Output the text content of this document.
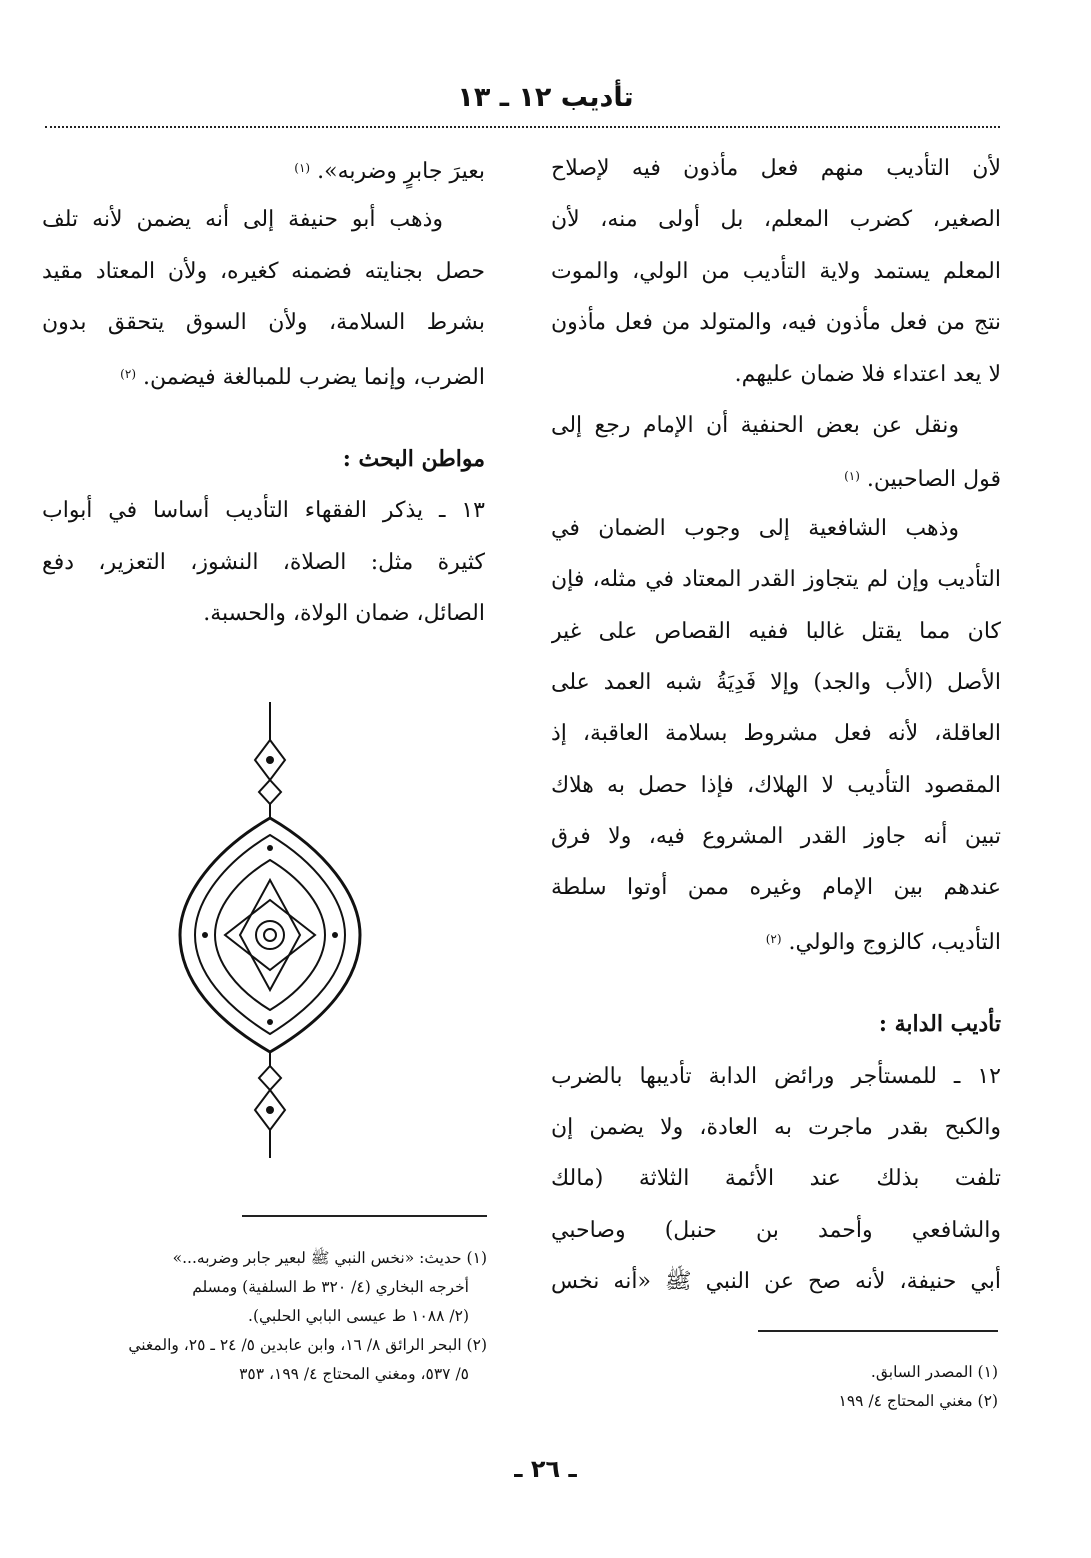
تأديب ١٢ ـ ١٣

لأن التأديب منهم فعل مأذون فيه لإصلاح

الصغير، كضرب المعلم، بل أولى منه، لأن

المعلم يستمد ولاية التأديب من الولي، والموت

نتج من فعل مأذون فيه، والمتولد من فعل مأذون

لا يعد اعتداء فلا ضمان عليهم.

ونقل عن بعض الحنفية أن الإمام رجع إلى

قول الصاحبين. $^{(١)}$

وذهب الشافعية إلى وجوب الضمان في

التأديب وإن لم يتجاوز القدر المعتاد في مثله، فإن

كان مما يقتل غالبا ففيه القصاص على غير

الأصل (الأب والجد) وإلا فَدِيَةُ شبه العمد على

العاقلة، لأنه فعل مشروط بسلامة العاقبة، إذ

المقصود التأديب لا الهلاك، فإذا حصل به هلاك

تبين أنه جاوز القدر المشروع فيه، ولا فرق

عندهم بين الإمام وغيره ممن أوتوا سلطة

التأديب، كالزوج والولي. $^{(٢)}$

تأديب الدابة :

١٢ ـ للمستأجر ورائض الدابة تأديبها بالضرب

والكبح بقدر ماجرت به العادة، ولا يضمن إن

تلفت بذلك عند الأئمة الثلاثة (مالك

والشافعي وأحمد بن حنبل) وصاحبي

أبي حنيفة، لأنه صح عن النبي ﷺ «أنه نخس

بعيرَ جابرٍ وضربه». $^{(١)}$

وذهب أبو حنيفة إلى أنه يضمن لأنه تلف

حصل بجنايته فضمنه كغيره، ولأن المعتاد مقيد

بشرط السلامة، ولأن السوق يتحقق بدون

الضرب، وإنما يضرب للمبالغة فيضمن. $^{(٢)}$

مواطن البحث :

١٣ ـ يذكر الفقهاء التأديب أساسا في أبواب

كثيرة مثل: الصلاة، النشوز، التعزير، دفع

الصائل، ضمان الولاة، والحسبة.

(١) حديث: «نخس النبي ﷺ لبعير جابر وضربه...»

أخرجه البخاري (٤/ ٣٢٠ ط السلفية) ومسلم

(٢/ ١٠٨٨ ط عيسى البابي الحلبي).

(٢) البحر الرائق ٨/ ١٦، وابن عابدين ٥/ ٢٤ ـ ٢٥، والمغني

٥/ ٥٣٧، ومغني المحتاج ٤/ ١٩٩، ٣٥٣	(١) المصدر السابق.

(٢) مغني المحتاج ٤/ ١٩٩

ـ ٢٦ ـ
